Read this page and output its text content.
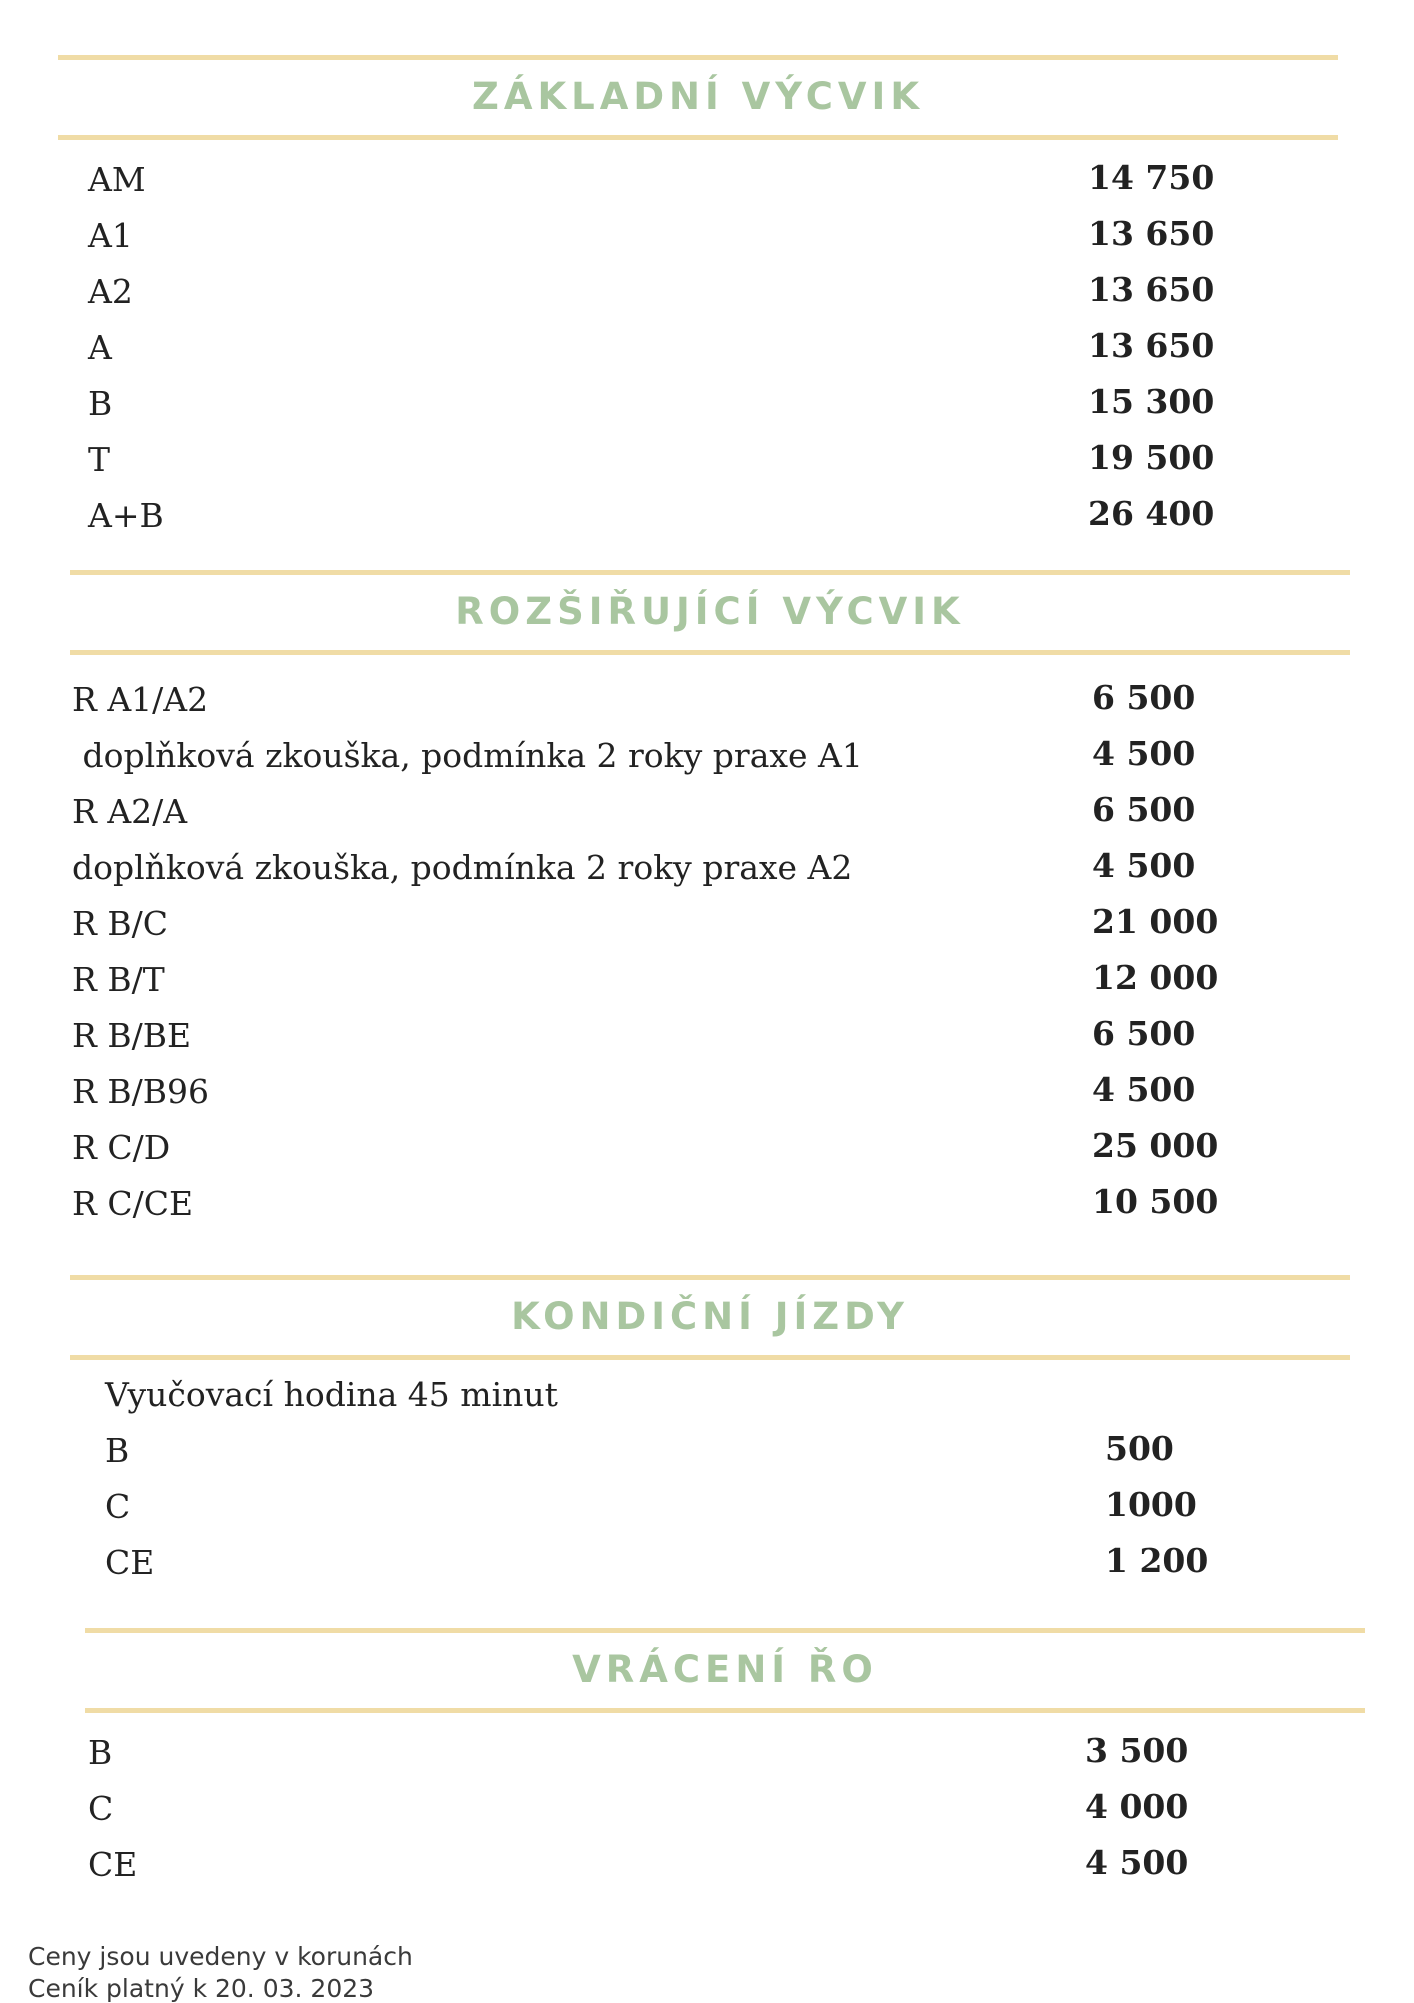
ZÁKLADNÍ VÝCVIK
AM	14 750
A1	13 650
A2	13 650
A	13 650
B	15 300
T	19 500
A+B	26 400
ROZŠIŘUJÍCÍ VÝCVIK
R A1/A2	6 500
doplňková zkouška, podmínka 2 roky praxe A1	4 500
R A2/A	6 500
doplňková zkouška, podmínka 2 roky praxe A2	4 500
R B/C	21 000
R B/T	12 000
R B/BE	6 500
R B/B96	4 500
R C/D	25 000
R C/CE	10 500
KONDIČNÍ JÍZDY
Vyučovací hodina 45 minut
B	500
C	1000
CE	1 200
VRÁCENÍ ŘO
B	3 500
C	4 000
CE	4 500
Ceny jsou uvedeny v korunách
Ceník platný k 20. 03. 2023
